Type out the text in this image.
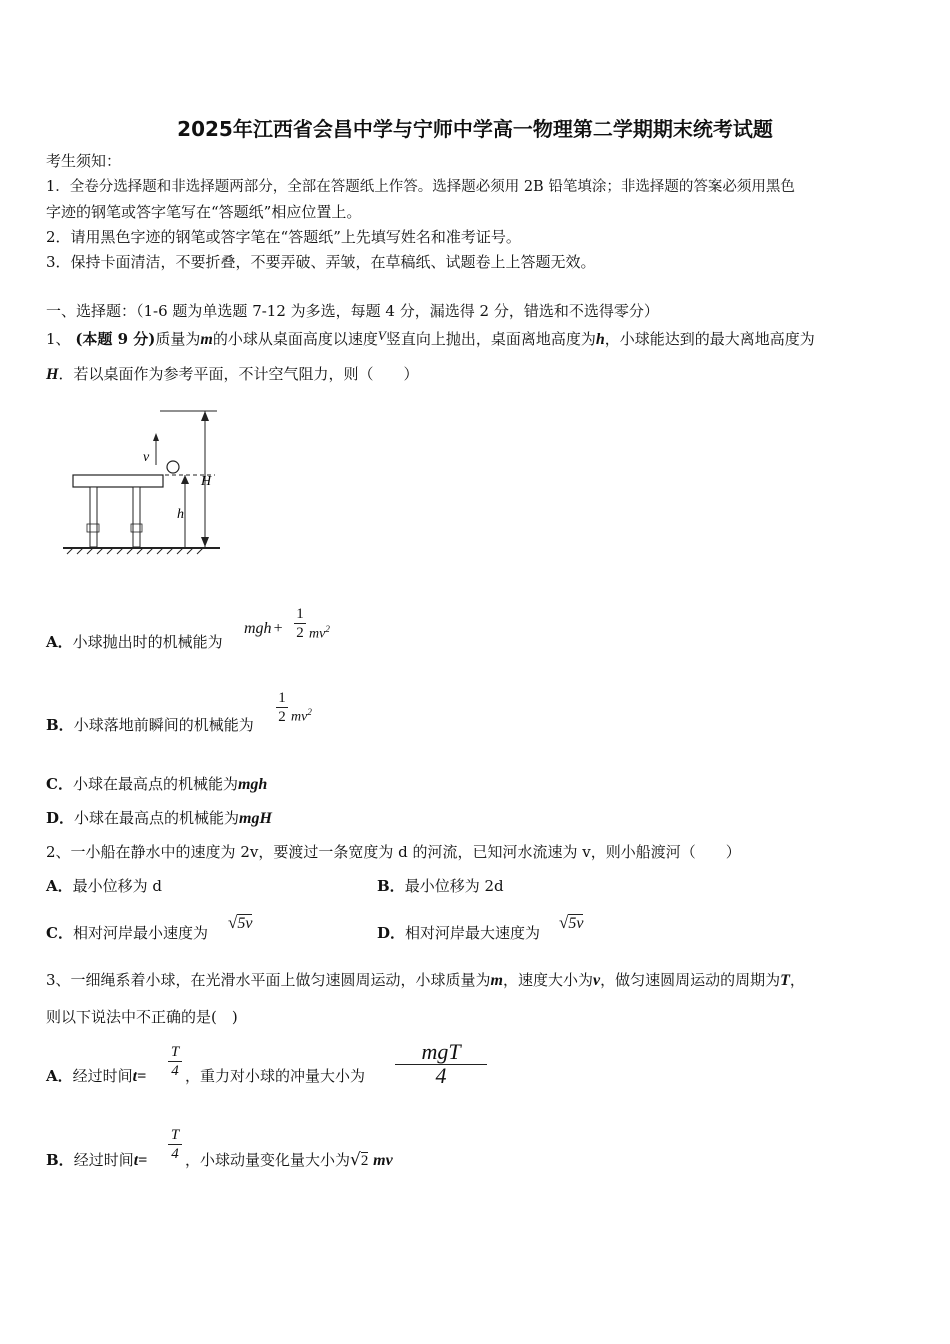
2025年江西省会昌中学与宁师中学高一物理第二学期期末统考试题
考生须知：
1．全卷分选择题和非选择题两部分，全部在答题纸上作答。选择题必须用 2B 铅笔填涂；非选择题的答案必须用黑色
字迹的钢笔或答字笔写在“答题纸”相应位置上。
2．请用黑色字迹的钢笔或答字笔在“答题纸”上先填写姓名和准考证号。
3．保持卡面清洁，不要折叠，不要弄破、弄皱，在草稿纸、试题卷上上答题无效。
一、选择题：（1-6 题为单选题 7-12 为多选，每题 4 分，漏选得 2 分，错选和不选得零分）
1、 (本题 9 分)质量为m的小球从桌面高度以速度V竖直向上抛出，桌面离地高度为h，小球能达到的最大离地高度为
H．若以桌面作为参考平面，不计空气阻力，则（　　）
v
H
h
A．小球抛出时的机械能为
mgh +
1
2 $mv^2$
B．小球落地前瞬间的机械能为
1
2 $mv^2$
C．小球在最高点的机械能为mgh
D．小球在最高点的机械能为mgH
2、一小船在静水中的速度为 2v，要渡过一条宽度为 d 的河流，已知河水流速为 v，则小船渡河（　　）
A．最小位移为 d	B．最小位移为 2d
C．相对河岸最小速度为
√5v
D．相对河岸最大速度为
√5v
3、一细绳系着小球，在光滑水平面上做匀速圆周运动，小球质量为m，速度大小为v，做匀速圆周运动的周期为T，
则以下说法中不正确的是(　)
A．经过时间t=
T
4 ，重力对小球的冲量大小为
mgT
4
B．经过时间t=
T
4 ，小球动量变化量大小为√2 mv
